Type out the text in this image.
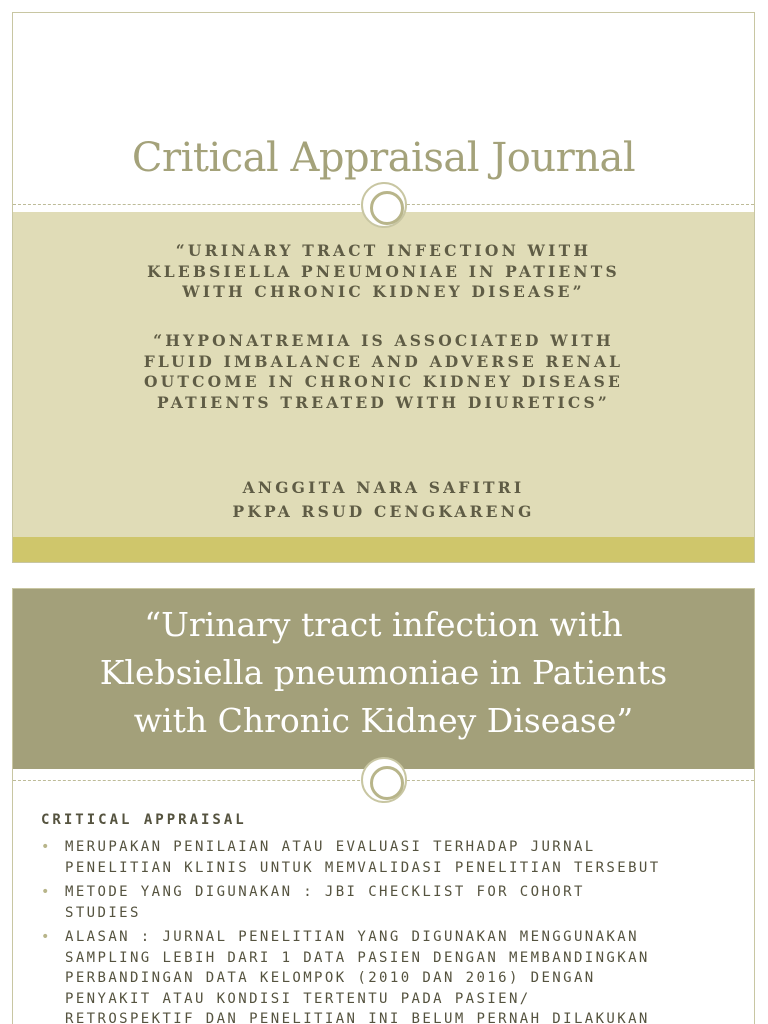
Critical Appraisal Journal
“URINARY TRACT INFECTION WITH
KLEBSIELLA PNEUMONIAE IN PATIENTS
WITH CHRONIC KIDNEY DISEASE”
“HYPONATREMIA IS ASSOCIATED WITH
FLUID IMBALANCE AND ADVERSE RENAL
OUTCOME IN CHRONIC KIDNEY DISEASE
PATIENTS TREATED WITH DIURETICS”
ANGGITA NARA SAFITRI
PKPA RSUD CENGKARENG
“Urinary tract infection with
Klebsiella pneumoniae in Patients
with Chronic Kidney Disease”
CRITICAL APPRAISAL
• MERUPAKAN PENILAIAN ATAU EVALUASI TERHADAP JURNAL
PENELITIAN KLINIS UNTUK MEMVALIDASI PENELITIAN TERSEBUT
• METODE YANG DIGUNAKAN : JBI CHECKLIST FOR COHORT
STUDIES
• ALASAN : JURNAL PENELITIAN YANG DIGUNAKAN MENGGUNAKAN
SAMPLING LEBIH DARI 1 DATA PASIEN DENGAN MEMBANDINGKAN
PERBANDINGAN DATA KELOMPOK (2010 DAN 2016) DENGAN
PENYAKIT ATAU KONDISI TERTENTU PADA PASIEN/
RETROSPEKTIF DAN PENELITIAN INI BELUM PERNAH DILAKUKAN
